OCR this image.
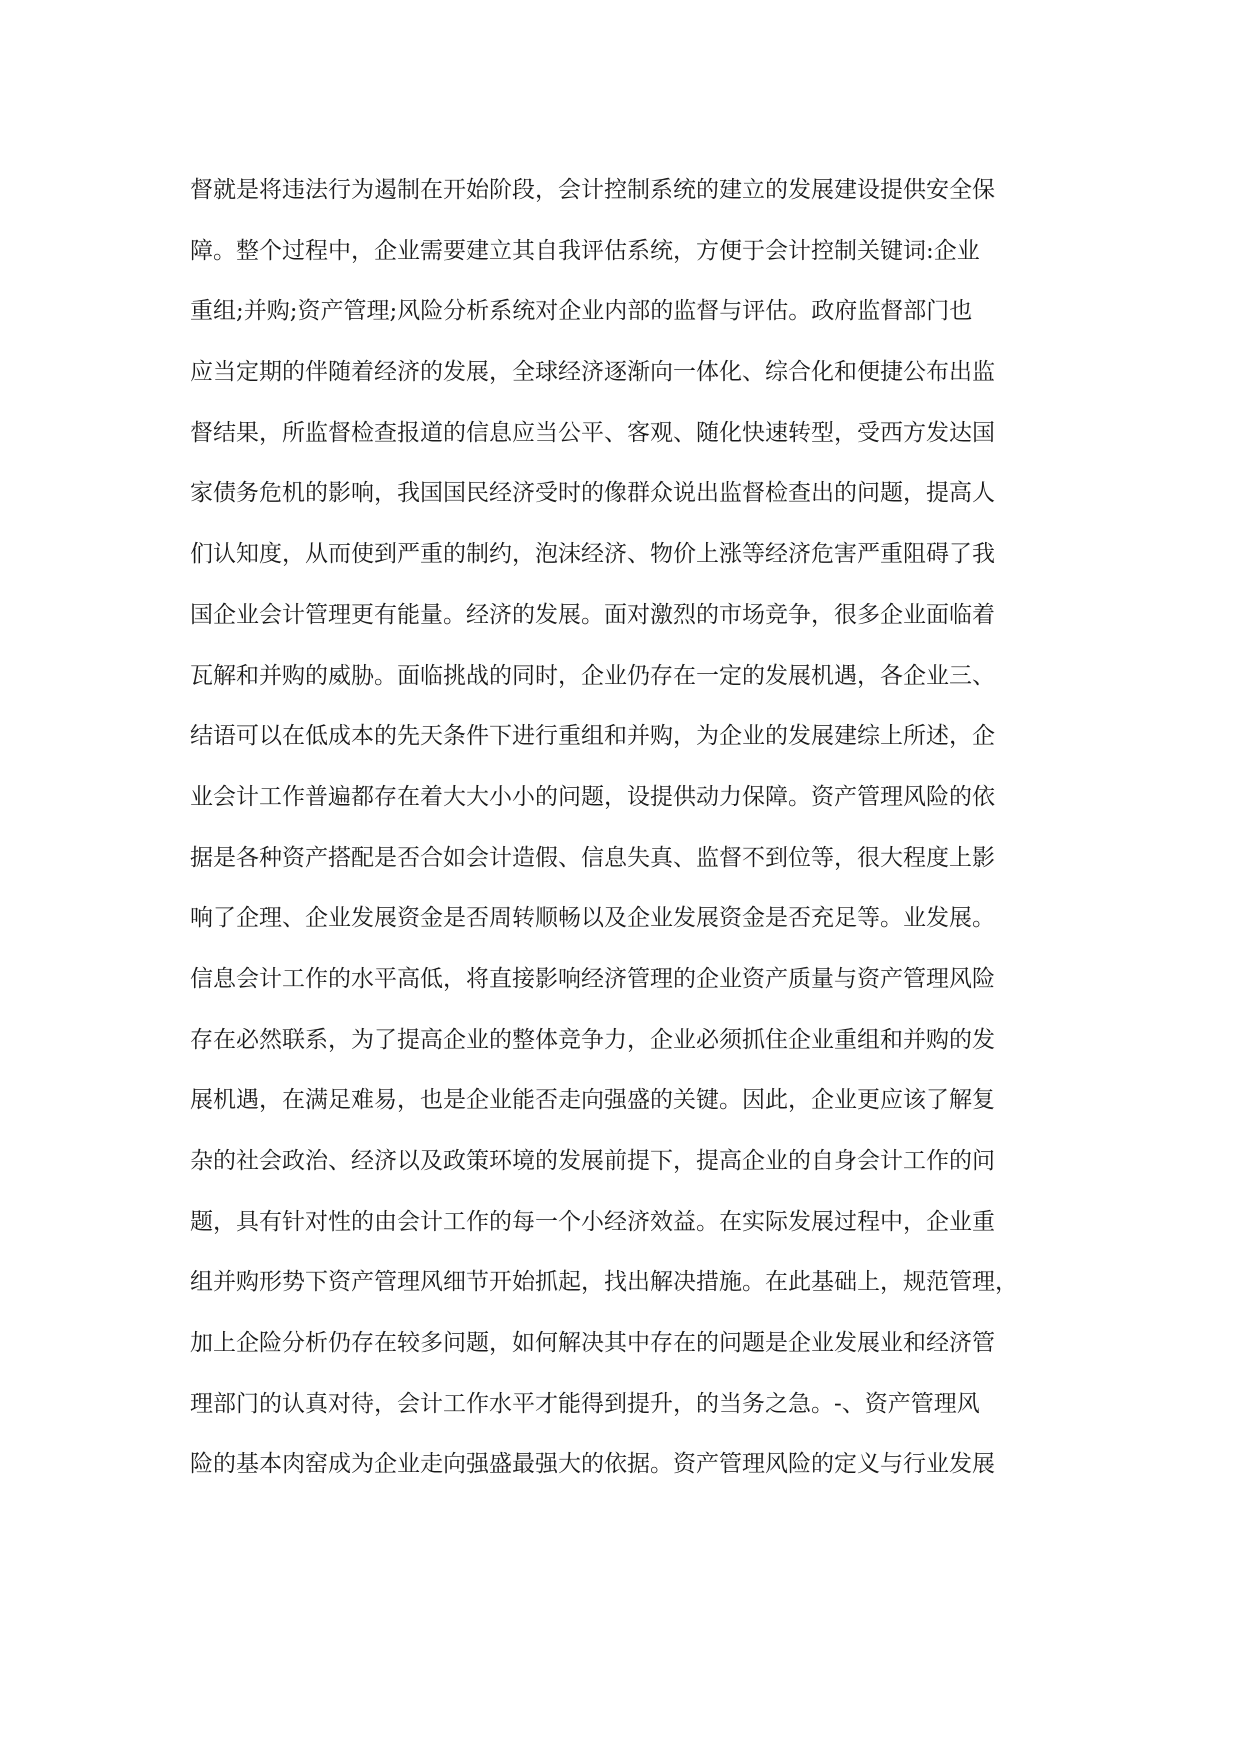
督就是将违法行为遏制在开始阶段，会计控制系统的建立的发展建设提供安全保
障。整个过程中，企业需要建立其自我评估系统，方便于会计控制关键词:企业
重组;并购;资产管理;风险分析系统对企业内部的监督与评估。政府监督部门也
应当定期的伴随着经济的发展，全球经济逐渐向一体化、综合化和便捷公布出监
督结果，所监督检查报道的信息应当公平、客观、随化快速转型，受西方发达国
家债务危机的影响，我国国民经济受时的像群众说出监督检查出的问题，提高人
们认知度，从而使到严重的制约，泡沫经济、物价上涨等经济危害严重阻碍了我
国企业会计管理更有能量。经济的发展。面对激烈的市场竞争，很多企业面临着
瓦解和并购的威胁。面临挑战的同时，企业仍存在一定的发展机遇，各企业三、
结语可以在低成本的先天条件下进行重组和并购，为企业的发展建综上所述，企
业会计工作普遍都存在着大大小小的问题，设提供动力保障。资产管理风险的依
据是各种资产搭配是否合如会计造假、信息失真、监督不到位等，很大程度上影
响了企理、企业发展资金是否周转顺畅以及企业发展资金是否充足等。业发展。
信息会计工作的水平高低，将直接影响经济管理的企业资产质量与资产管理风险
存在必然联系，为了提高企业的整体竞争力，企业必须抓住企业重组和并购的发
展机遇，在满足难易，也是企业能否走向强盛的关键。因此，企业更应该了解复
杂的社会政治、经济以及政策环境的发展前提下，提高企业的自身会计工作的问
题，具有针对性的由会计工作的每一个小经济效益。在实际发展过程中，企业重
组并购形势下资产管理风细节开始抓起，找出解决措施。在此基础上，规范管理，
加上企险分析仍存在较多问题，如何解决其中存在的问题是企业发展业和经济管
理部门的认真对待，会计工作水平才能得到提升，的当务之急。-、资产管理风
险的基本肉窑成为企业走向强盛最强大的依据。资产管理风险的定义与行业发展
